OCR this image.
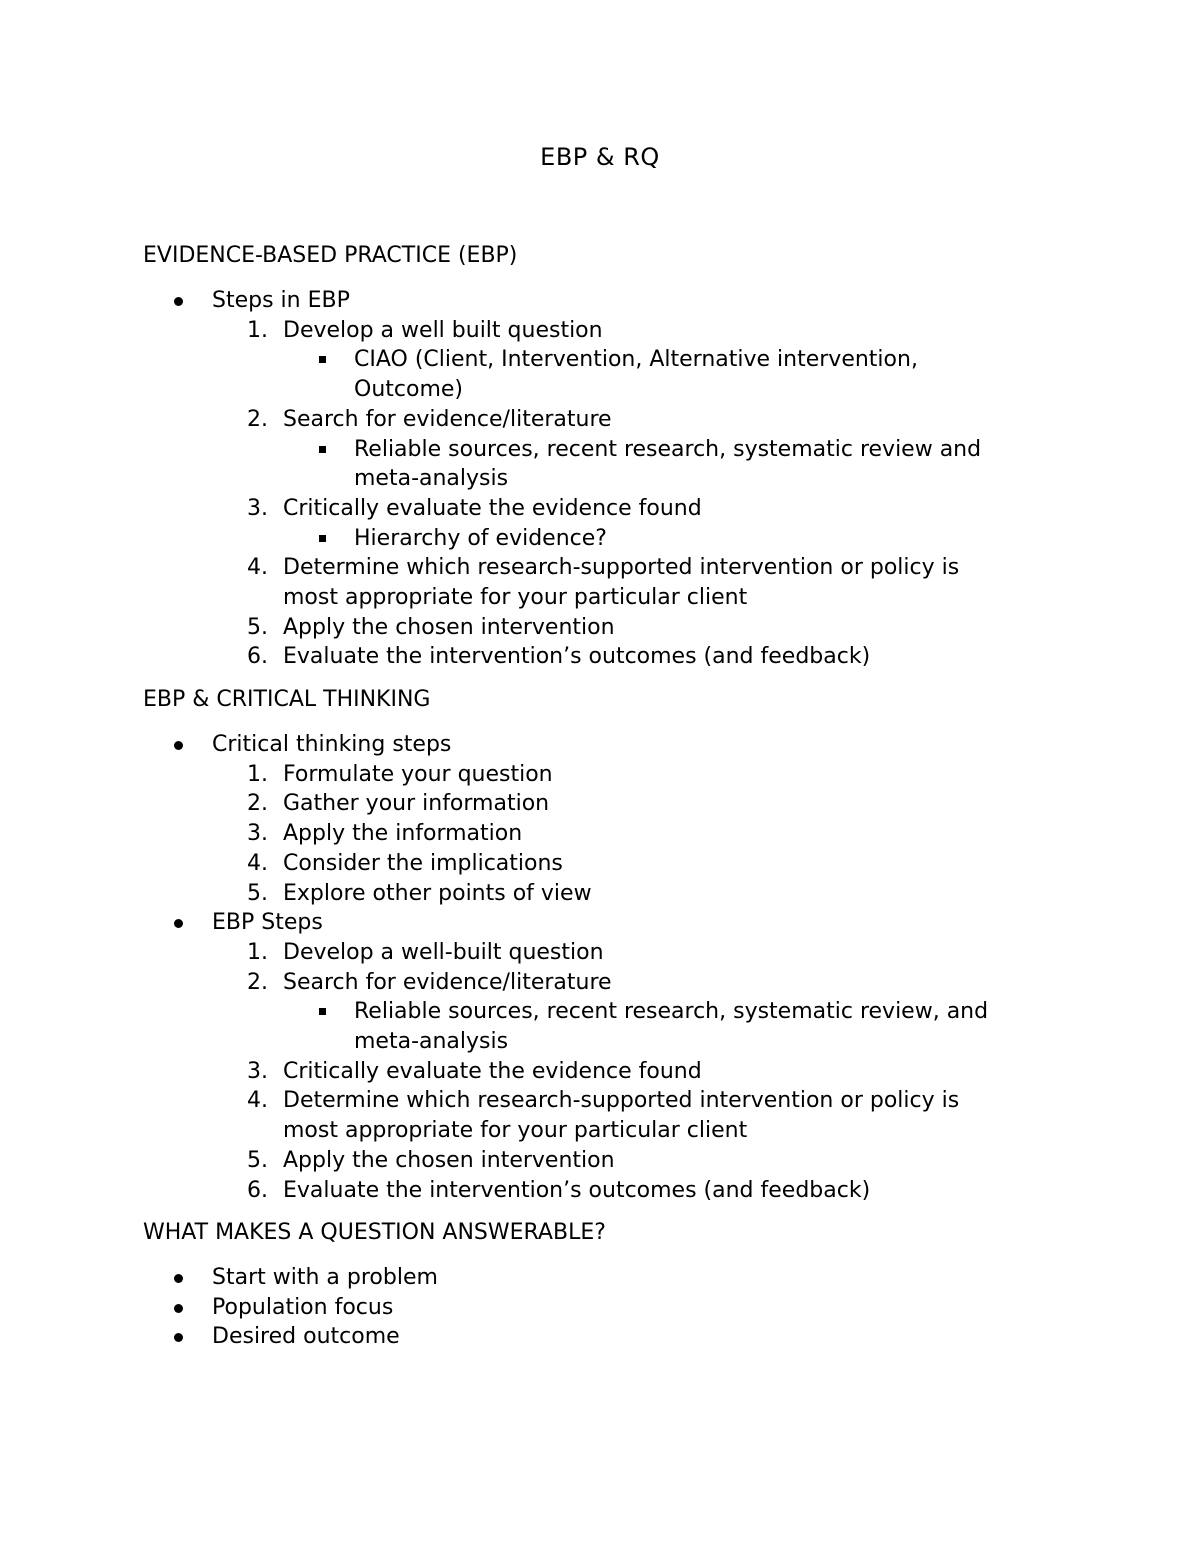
EBP & RQ
EVIDENCE-BASED PRACTICE (EBP)
Steps in EBP
1. Develop a well built question
CIAO (Client, Intervention, Alternative intervention, Outcome)
2. Search for evidence/literature
Reliable sources, recent research, systematic review and meta-analysis
3. Critically evaluate the evidence found
Hierarchy of evidence?
4. Determine which research-supported intervention or policy is most appropriate for your particular client
5. Apply the chosen intervention
6. Evaluate the intervention’s outcomes (and feedback)
EBP & CRITICAL THINKING
Critical thinking steps
1. Formulate your question
2. Gather your information
3. Apply the information
4. Consider the implications
5. Explore other points of view
EBP Steps
1. Develop a well-built question
2. Search for evidence/literature
Reliable sources, recent research, systematic review, and meta-analysis
3. Critically evaluate the evidence found
4. Determine which research-supported intervention or policy is most appropriate for your particular client
5. Apply the chosen intervention
6. Evaluate the intervention’s outcomes (and feedback)
WHAT MAKES A QUESTION ANSWERABLE?
Start with a problem
Population focus
Desired outcome
